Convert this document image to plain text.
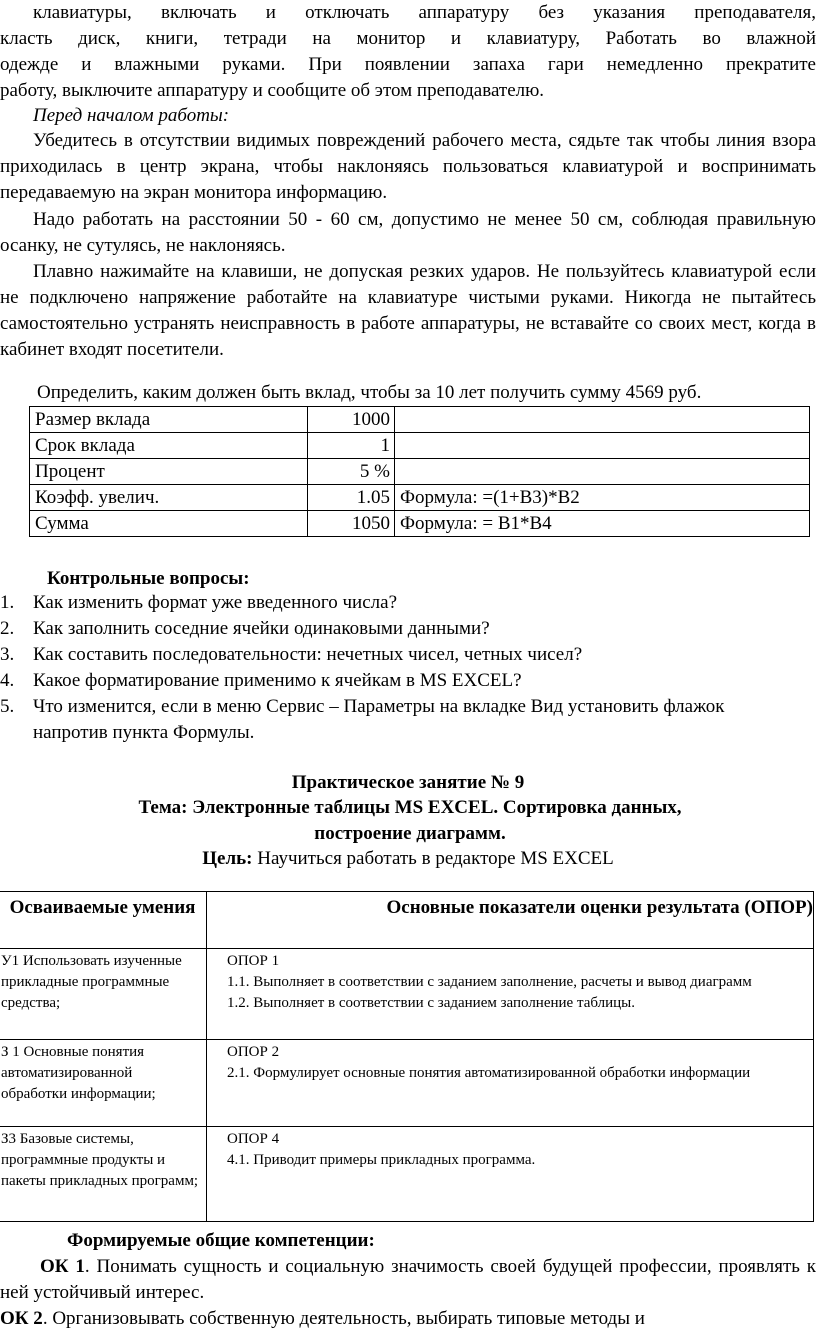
клавиатуры, включать и отключать аппаратуру без указания преподавателя,

класть диск, книги, тетради на монитор и клавиатуру, Работать во влажной

одежде и влажными руками. При появлении запаха гари немедленно прекратите

работу, выключите аппаратуру и сообщите об этом преподавателю.

Перед началом работы:

Убедитесь в отсутствии видимых повреждений рабочего места, сядьте так чтобы линия взора приходилась в центр экрана, чтобы наклоняясь пользоваться клавиатурой и воспринимать передаваемую на экран монитора информацию.

Надо работать на расстоянии 50 - 60 см, допустимо не менее 50 см, соблюдая правильную осанку, не сутулясь, не наклоняясь.

Плавно нажимайте на клавиши, не допуская резких ударов. Не пользуйтесь клавиатурой если не подключено напряжение работайте на клавиатуре чистыми руками. Никогда не пытайтесь самостоятельно устранять неисправность в работе аппаратуры, не вставайте со своих мест, когда в кабинет входят посетители.

Определить, каким должен быть вклад, чтобы за 10 лет получить сумму 4569 руб.

Размер вклада	1000	
Срок вклада	1	
Процент	5 %	
Коэфф. увелич.	1.05	Формула: =(1+B3)*B2
Сумма	1050	Формула: = B1*B4

Контрольные вопросы:

1. Как изменить формат уже введенного числа?
2. Как заполнить соседние ячейки одинаковыми данными?
3. Как составить последовательности: нечетных чисел, четных чисел?
4. Какое форматирование применимо к ячейкам в MS EXCEL?
5. Что изменится, если в меню Сервис – Параметры на вкладке Вид установить флажок напротив пункта Формулы.

Практическое занятие № 9

Тема: Электронные таблицы MS EXCEL. Сортировка данных, построение диаграмм.

Цель: Научиться работать в редакторе MS EXCEL

Осваиваемые умения	Основные показатели оценки результата (ОПОР)
У1 Использовать изученные прикладные программные средства;	ОПОР 1
1.1. Выполняет в соответствии с заданием заполнение, расчеты и вывод диаграмм
1.2. Выполняет в соответствии с заданием заполнение таблицы.

З 1 Основные понятия автоматизированной обработки информации;	ОПОР 2
2.1. Формулирует основные понятия автоматизированной обработки информации

З3 Базовые системы, программные продукты и пакеты прикладных программ;	ОПОР 4
4.1. Приводит примеры прикладных программа.

Формируемые общие компетенции:

ОК 1. Понимать сущность и социальную значимость своей будущей профессии, проявлять к ней устойчивый интерес.

ОК 2. Организовывать собственную деятельность, выбирать типовые методы и
